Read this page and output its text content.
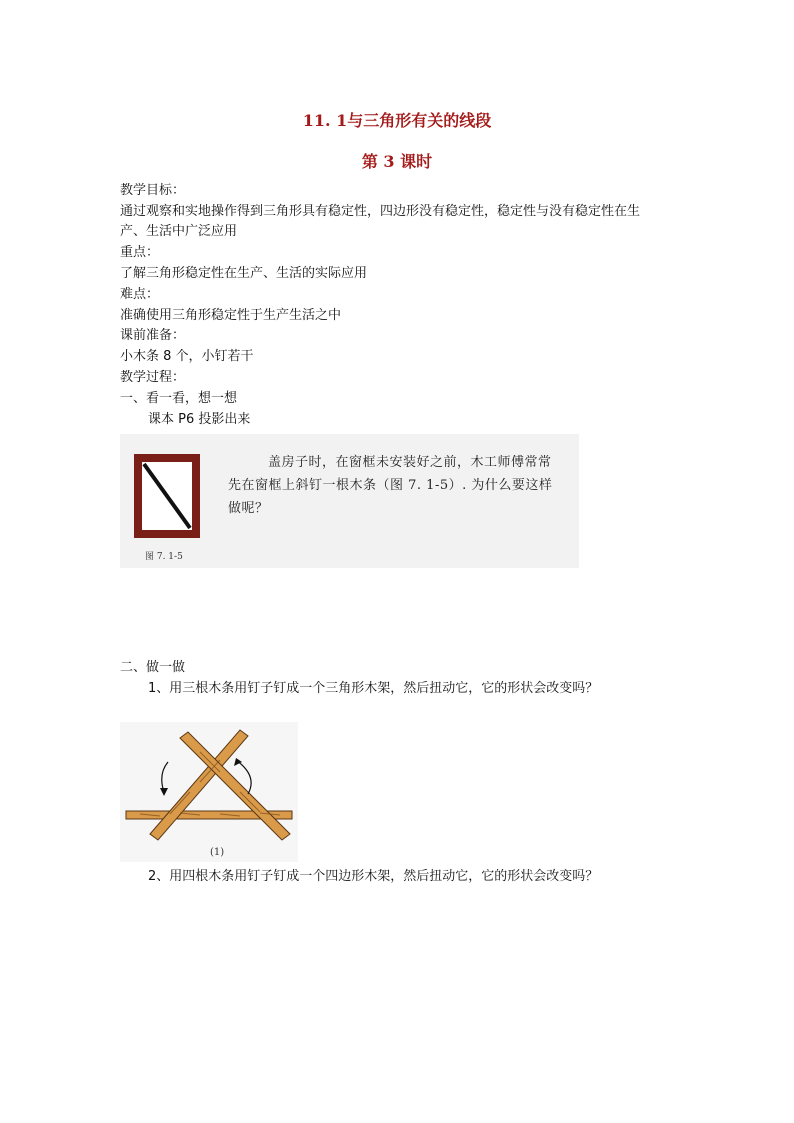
11. 1与三角形有关的线段
第 3 课时
教学目标：
通过观察和实地操作得到三角形具有稳定性，四边形没有稳定性，稳定性与没有稳定性在生
产、生活中广泛应用
重点：
了解三角形稳定性在生产、生活的实际应用
难点：
准确使用三角形稳定性于生产生活之中
课前准备：
小木条 8 个，小钉若干
教学过程：
一、看一看，想一想
课本 P6 投影出来
图 7. 1-5
盖房子时，在窗框未安装好之前，木工师傅常常
先在窗框上斜钉一根木条（图 7. 1-5）. 为什么要这样
做呢？
二、做一做
1、用三根木条用钉子钉成一个三角形木架，然后扭动它，它的形状会改变吗？
(1)
2、用四根木条用钉子钉成一个四边形木架，然后扭动它，它的形状会改变吗？
